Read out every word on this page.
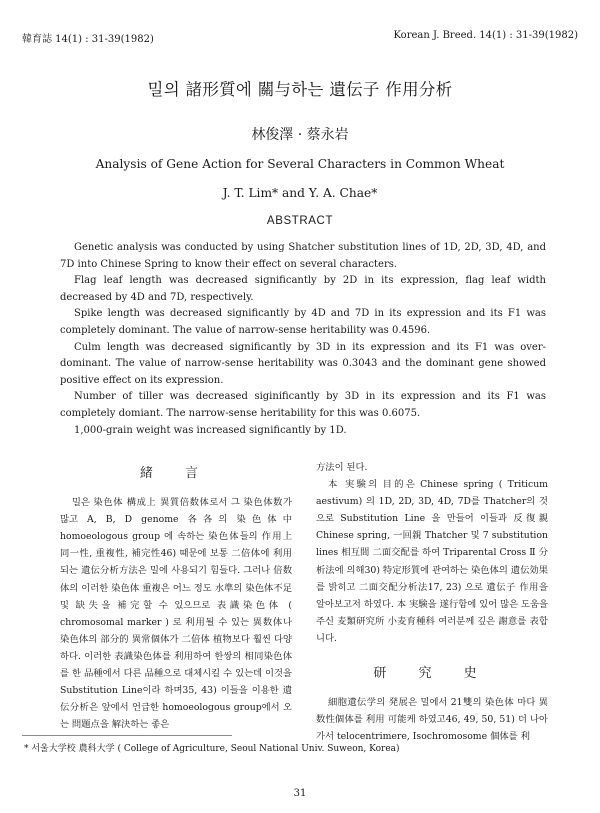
韓育誌 14(1) : 31-39(1982)	Korean J. Breed. 14(1) : 31-39(1982)
밀의 諸形質에 關与하는 遺伝子 作用分析
林俊澤 · 蔡永岩
Analysis of Gene Action for Several Characters in Common Wheat
J. T. Lim* and Y. A. Chae*
ABSTRACT

Genetic analysis was conducted by using Shatcher substitution lines of 1D, 2D, 3D, 4D, and 7D into Chinese Spring to know their effect on several characters.

Flag leaf length was decreased significantly by 2D in its expression, flag leaf width decreased by 4D and 7D, respectively.

Spike length was decreased significantly by 4D and 7D in its expression and its F1 was completely dominant. The value of narrow-sense heritability was 0.4596.

Culm length was decreased significantly by 3D in its expression and its F1 was over-dominant. The value of narrow-sense heritability was 0.3043 and the dominant gene showed positive effect on its expression.

Number of tiller was decreased siginificantly by 3D in its expression and its F1 was completely domiant. The narrow-sense heritability for this was 0.6075.

1,000-grain weight was increased significantly by 1D.

緒 言

밀은 染色体 構成上 異質倍数体로서 그 染色体数가 많고 A, B, D genome 各各의 染色体中 homoeologous group 에 속하는 染色体들의 作用上 同一性, 重複性, 補完性46) 때문에 보통 二倍体에 利用되는 遺伝分析方法은 밀에 사용되기 힘들다. 그러나 倍数体의 이러한 染色体 重複은 어느 정도 水準의 染色体不足 및 缺失을 補完할 수 있으므로 表識染色体 ( chromosomal marker ) 로 利用될 수 있는 異数体나 染色体의 部分的 異常個体가 二倍体 植物보다 훨씬 다양하다. 이러한 表識染色体를 利用하여 한쌍의 相同染色体를 한 品種에서 다른 品種으로 대체시킬 수 있는데 이것을 Substitution Line이라 하며35, 43) 이들을 이용한 遺伝分析은 앞에서 언급한 homoeologous group에서 오는 問題点을 解決하는 좋은

方法이 된다.

本 実験의 目的은 Chinese spring ( Triticum aestivum) 의 1D, 2D, 3D, 4D, 7D를 Thatcher의 것으로 Substitution Line 을 만들어 이들과 反復親 Chinese spring, 一回親 Thatcher 및 7 substitution lines 相互間 二面交配를 하여 Triparental Cross Ⅱ 分析法에 의해30) 特定形質에 관여하는 染色体의 遺伝効果를 밝히고 二面交配分析法17, 23) 으로 遺伝子 作用을 알아보고저 하였다. 本 実験을 遂行함에 있어 많은 도움을 주신 麦類研究所 小麦育種科 여러분께 깊은 謝意를 表합니다.

研 究 史

細胞遺伝学의 発展은 밀에서 21雙의 染色体 마다 異数性個体를 利用 可能케 하였고46, 49, 50, 51) 더 나아가서 telocentrimere, Isochromosome 個体를 利

* 서울大学校 農科大学 ( College of Agriculture, Seoul National Univ. Suweon, Korea)
31
